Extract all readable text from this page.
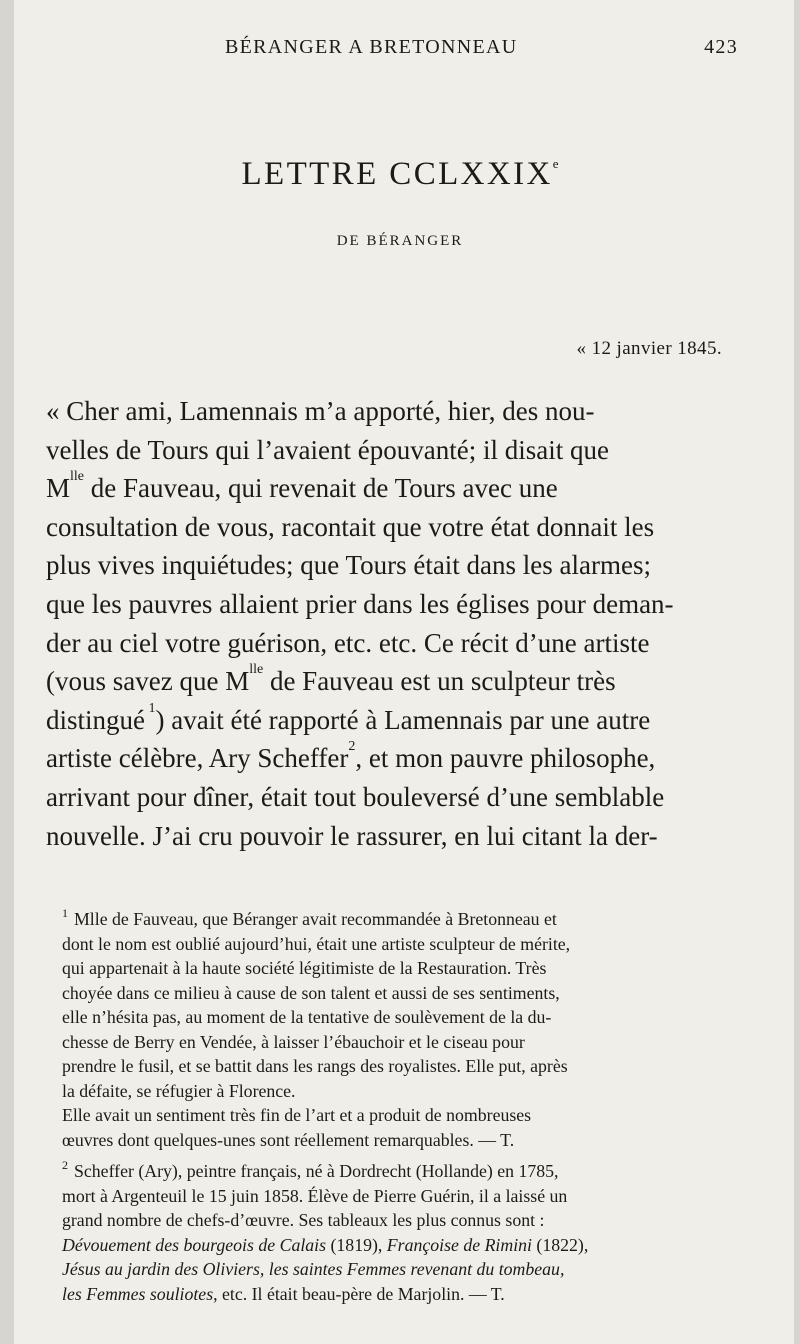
BÉRANGER A BRETONNEAU	423
LETTRE CCLXXIXe
DE BÉRANGER
« 12 janvier 1845.
« Cher ami, Lamennais m’a apporté, hier, des nou-
velles de Tours qui l’avaient épouvanté; il disait que
M lle de Fauveau, qui revenait de Tours avec une
consultation de vous, racontait que votre état donnait les
plus vives inquiétudes; que Tours était dans les alarmes;
que les pauvres allaient prier dans les églises pour deman-
der au ciel votre guérison, etc. etc. Ce récit d’une artiste
(vous savez que M lle de Fauveau est un sculpteur très
distingué 1 ) avait été rapporté à Lamennais par une autre
artiste célèbre, Ary Scheffer 2 , et mon pauvre philosophe,
arrivant pour dîner, était tout bouleversé d’une semblable
nouvelle. J’ai cru pouvoir le rassurer, en lui citant la der-
1 Mlle de Fauveau, que Béranger avait recommandée à Bretonneau et
dont le nom est oublié aujourd’hui, était une artiste sculpteur de mérite,
qui appartenait à la haute société légitimiste de la Restauration. Très
choyée dans ce milieu à cause de son talent et aussi de ses sentiments,
elle n’hésita pas, au moment de la tentative de soulèvement de la du-
chesse de Berry en Vendée, à laisser l’ébauchoir et le ciseau pour
prendre le fusil, et se battit dans les rangs des royalistes. Elle put, après
la défaite, se réfugier à Florence.
Elle avait un sentiment très fin de l’art et a produit de nombreuses
œuvres dont quelques-unes sont réellement remarquables. — T.
2 Scheffer (Ary), peintre français, né à Dordrecht (Hollande) en 1785,
mort à Argenteuil le 15 juin 1858. Élève de Pierre Guérin, il a laissé un
grand nombre de chefs-d’œuvre. Ses tableaux les plus connus sont :
Dévouement des bourgeois de Calais (1819), Françoise de Rimini (1822),
Jésus au jardin des Oliviers, les saintes Femmes revenant du tombeau,
les Femmes souliotes , etc. Il était beau-père de Marjolin. — T.
